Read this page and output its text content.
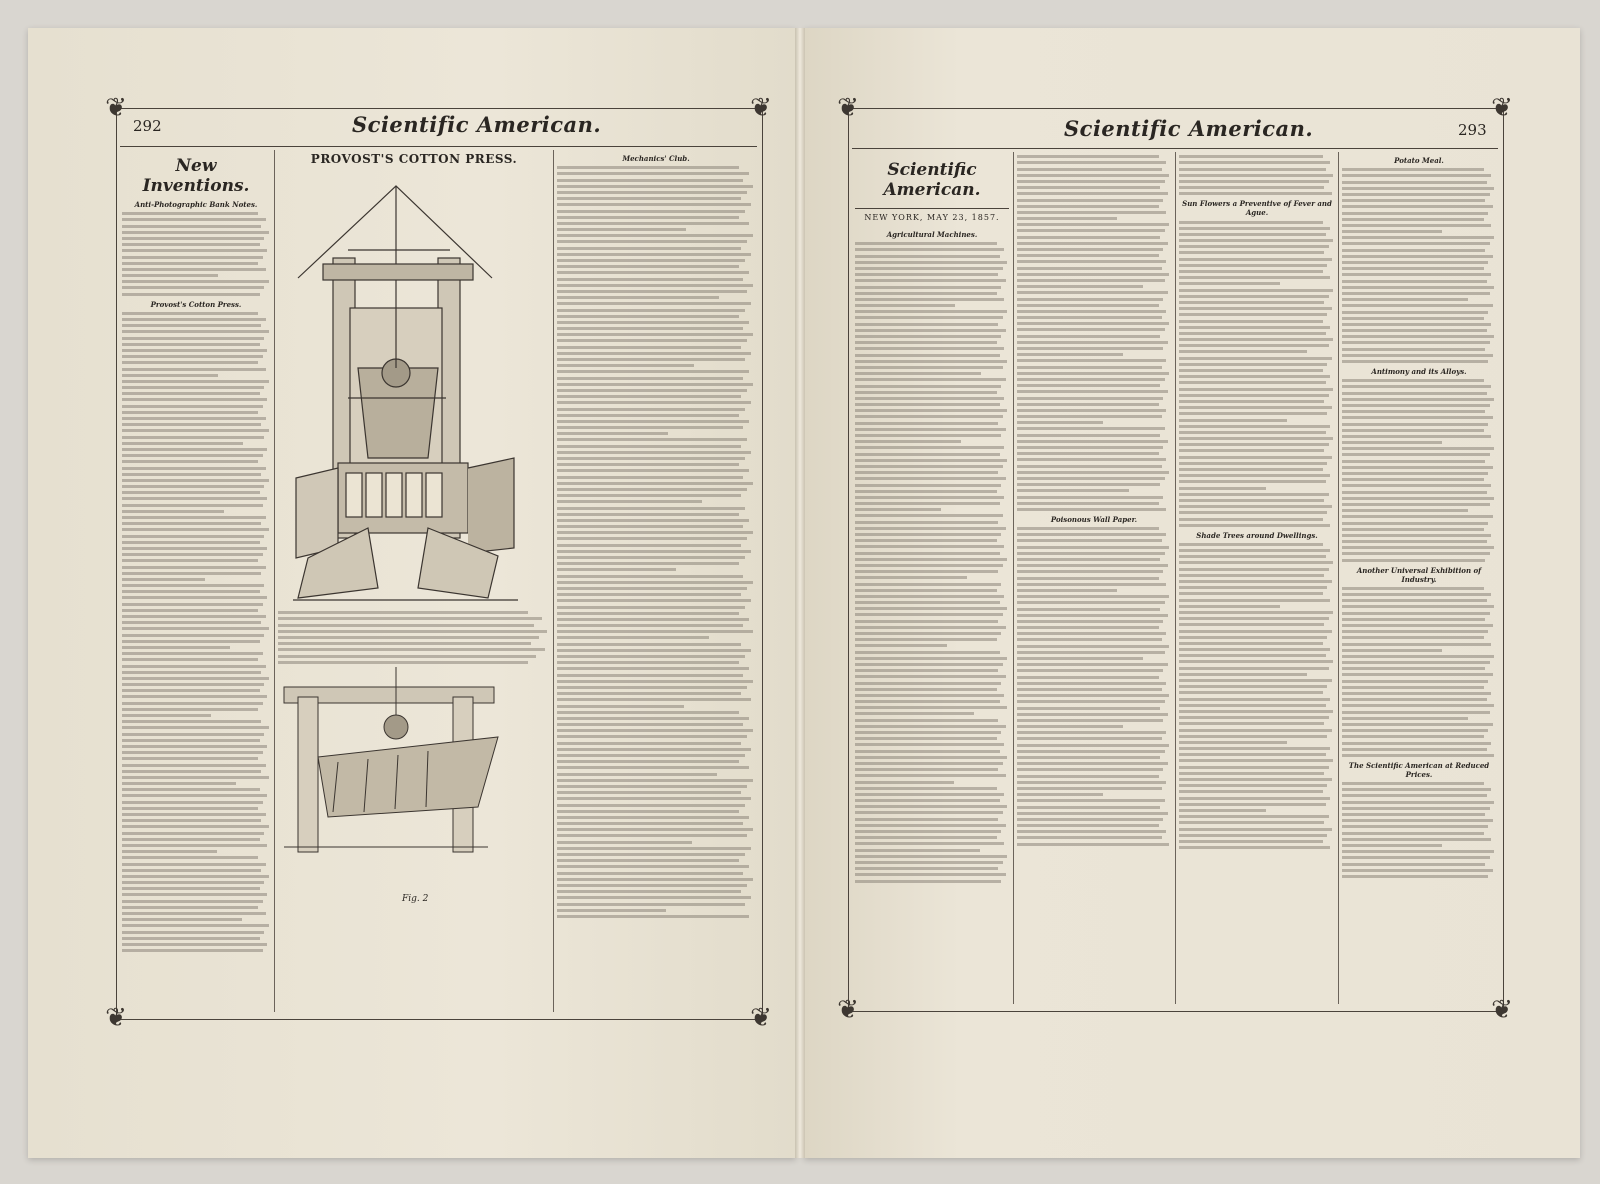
❦	❦
❦	❦
292	Scientific American.
New Inventions.
Anti-Photographic Bank Notes.
Provost's Cotton Press.
PROVOST'S COTTON PRESS.
Fig. 2
Mechanics' Club.
❦	❦
❦	❦
Scientific American.	293
Scientific American.
NEW YORK, MAY 23, 1857.
Agricultural Machines.
Poisonous Wall Paper.
Sun Flowers a Preventive of Fever and Ague.
Shade Trees around Dwellings.
Potato Meal.
Antimony and its Alloys.
Another Universal Exhibition of Industry.
The Scientific American at Reduced Prices.
